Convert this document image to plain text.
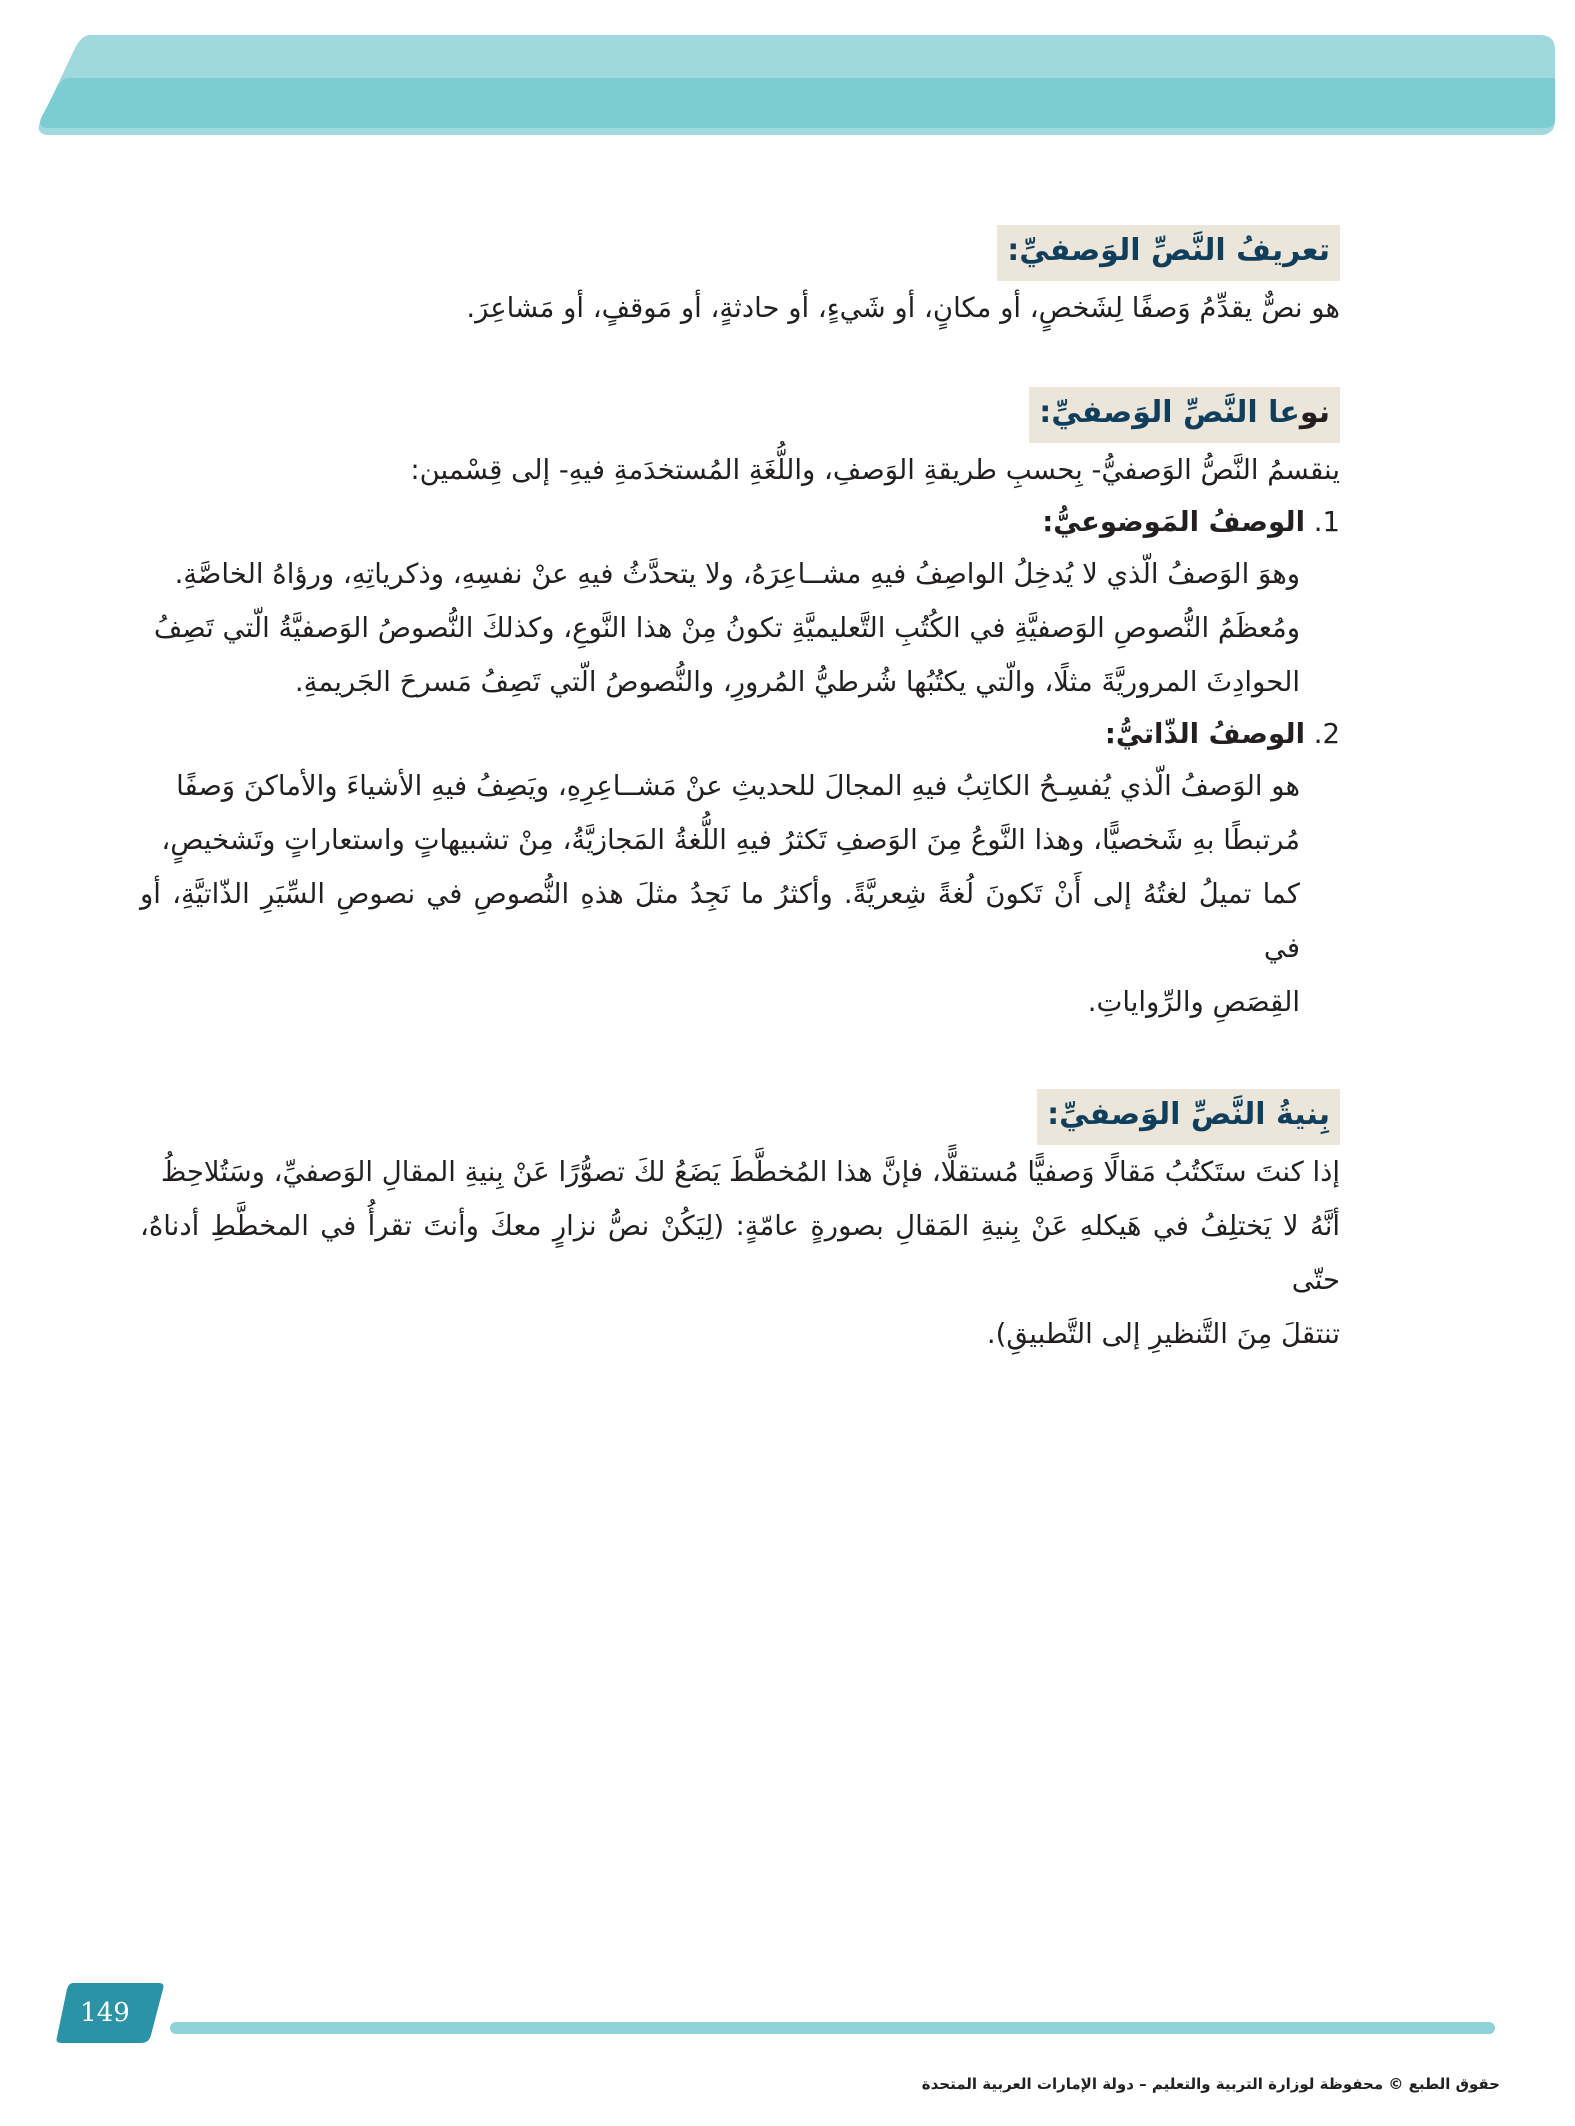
تعريفُ النَّصِّ الوَصفيِّ:

هو نصٌّ يقدِّمُ وَصفًا لِشَخصٍ، أو مكانٍ، أو شَيءٍ، أو حادثةٍ، أو مَوقفٍ، أو مَشاعِرَ.

نوعا النَّصِّ الوَصفيِّ:

ينقسمُ النَّصُّ الوَصفيُّ- بِحسبِ طريقةِ الوَصفِ، واللُّغَةِ المُستخدَمةِ فيهِ- إلى قِسْمين:

1. الوصفُ المَوضوعيُّ:

وهوَ الوَصفُ الّذي لا يُدخِلُ الواصِفُ فيهِ مشــاعِرَهُ، ولا يتحدَّثُ فيهِ عنْ نفسِهِ، وذكرياتِهِ، ورؤاهُ الخاصَّةِ.

ومُعظَمُ النُّصوصِ الوَصفيَّةِ في الكُتُبِ التَّعليميَّةِ تكونُ مِنْ هذا النَّوعِ، وكذلكَ النُّصوصُ الوَصفيَّةُ الّتي تَصِفُ

الحوادِثَ المروريَّةَ مثلًا، والّتي يكتُبُها شُرطيُّ المُرورِ، والنُّصوصُ الّتي تَصِفُ مَسرحَ الجَريمةِ.

2. الوصفُ الذّاتيُّ:

هو الوَصفُ الّذي يُفسِـحُ الكاتِبُ فيهِ المجالَ للحديثِ عنْ مَشــاعِرِهِ، ويَصِفُ فيهِ الأشياءَ والأماكنَ وَصفًا

مُرتبطًا بهِ شَخصيًّا، وهذا النَّوعُ مِنَ الوَصفِ تَكثرُ فيهِ اللُّغةُ المَجازيَّةُ، مِنْ تشبيهاتٍ واستعاراتٍ وتَشخيصٍ،

كما تميلُ لغتُهُ إلى أَنْ تَكونَ لُغةً شِعريَّةً. وأكثرُ ما نَجِدُ مثلَ هذهِ النُّصوصِ في نصوصِ السِّيَرِ الذّاتيَّةِ، أو في

القِصَصِ والرِّواياتِ.

بِنيةُ النَّصِّ الوَصفيِّ:

إذا كنتَ ستَكتُبُ مَقالًا وَصفيًّا مُستقلًّا، فإنَّ هذا المُخطَّطَ يَضَعُ لكَ تصوُّرًا عَنْ بِنيةِ المقالِ الوَصفيِّ، وسَتُلاحِظُ

أنَّهُ لا يَختلِفُ في هَيكلهِ عَنْ بِنيةِ المَقالِ بصورةٍ عامّةٍ: (لِيَكُنْ نصُّ نزارٍ معكَ وأنتَ تقرأُ في المخطَّطِ أدناهُ، حتّى

تنتقلَ مِنَ التَّنظيرِ إلى التَّطبيقِ).

149
حقوق الطبع © محفوظة لوزارة التربية والتعليم – دولة الإمارات العربية المتحدة
